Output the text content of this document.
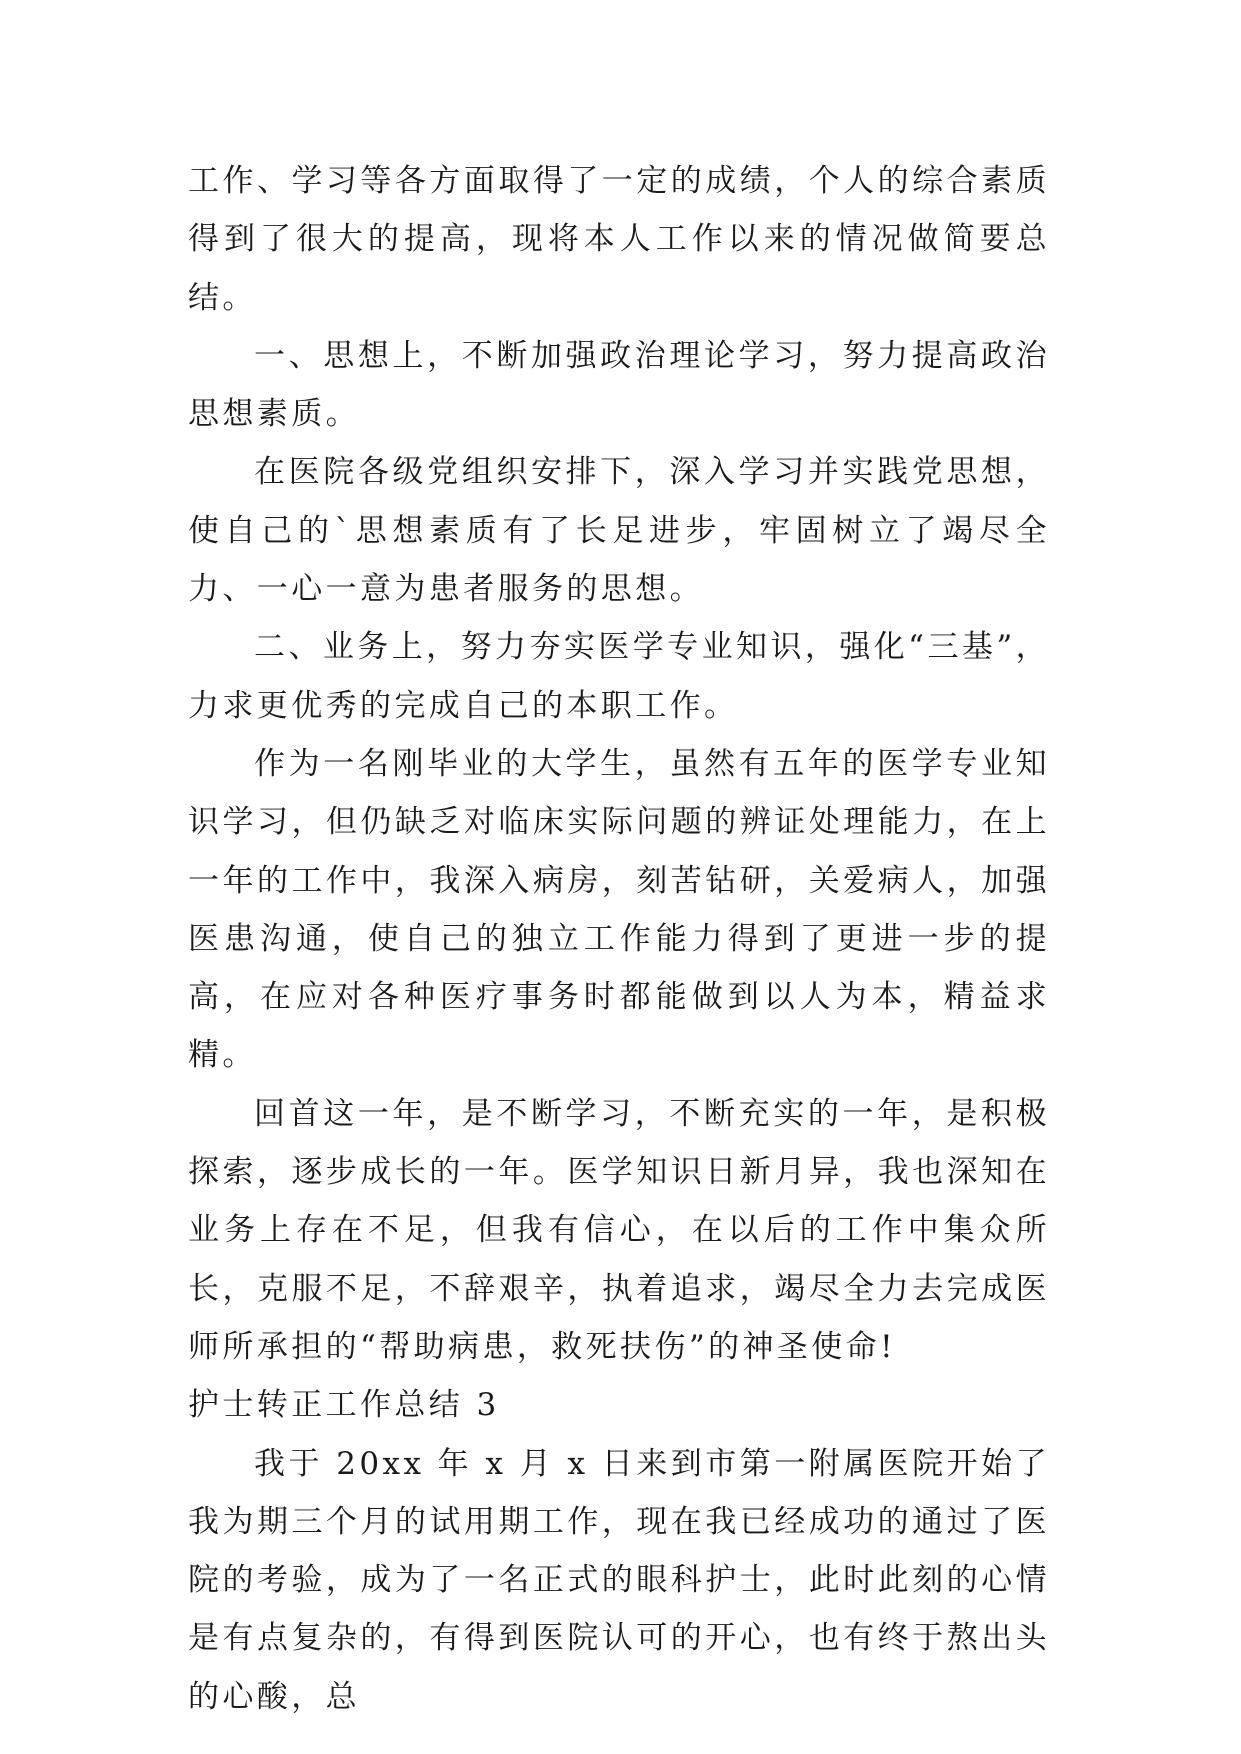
工作、学习等各方面取得了一定的成绩，个人的综合素质得到了很大的提高，现将本人工作以来的情况做简要总结。

一、思想上，不断加强政治理论学习，努力提高政治思想素质。

在医院各级党组织安排下，深入学习并实践党思想，使自己的`思想素质有了长足进步，牢固树立了竭尽全力、一心一意为患者服务的思想。

二、业务上，努力夯实医学专业知识，强化“三基”，力求更优秀的完成自己的本职工作。

作为一名刚毕业的大学生，虽然有五年的医学专业知识学习，但仍缺乏对临床实际问题的辨证处理能力，在上一年的工作中，我深入病房，刻苦钻研，关爱病人，加强医患沟通，使自己的独立工作能力得到了更进一步的提高，在应对各种医疗事务时都能做到以人为本，精益求精。

回首这一年，是不断学习，不断充实的一年，是积极探索，逐步成长的一年。医学知识日新月异，我也深知在业务上存在不足，但我有信心，在以后的工作中集众所长，克服不足，不辞艰辛，执着追求，竭尽全力去完成医师所承担的“帮助病患，救死扶伤”的神圣使命!

护士转正工作总结 3

我于 20xx 年 x 月 x 日来到市第一附属医院开始了我为期三个月的试用期工作，现在我已经成功的通过了医院的考验，成为了一名正式的眼科护士，此时此刻的心情是有点复杂的，有得到医院认可的开心，也有终于熬出头的心酸，总
